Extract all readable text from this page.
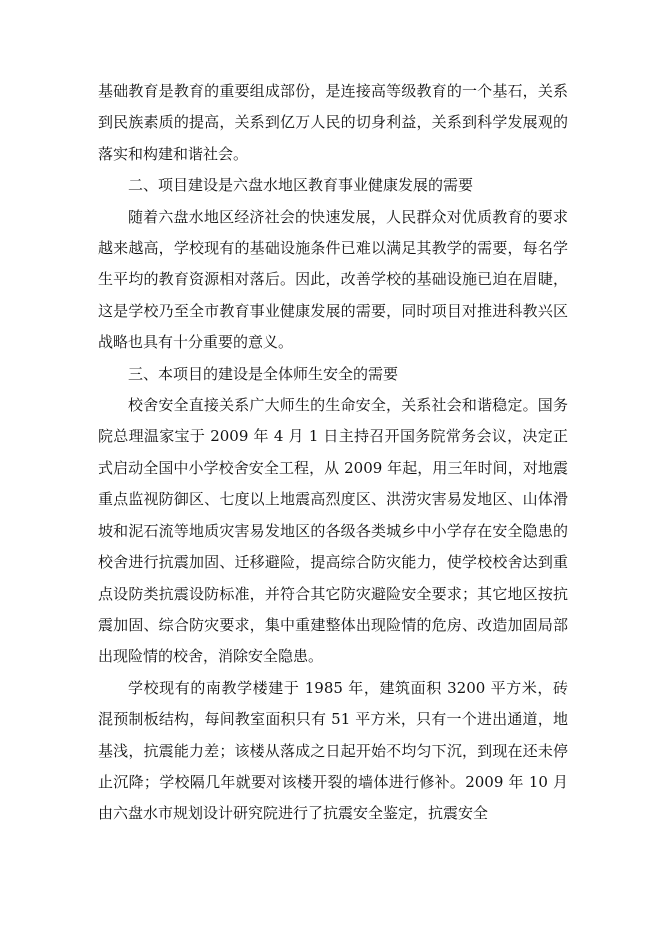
基础教育是教育的重要组成部份，是连接高等级教育的一个基石，关系到民族素质的提高，关系到亿万人民的切身利益，关系到科学发展观的落实和构建和谐社会。

二、项目建设是六盘水地区教育事业健康发展的需要

随着六盘水地区经济社会的快速发展，人民群众对优质教育的要求越来越高，学校现有的基础设施条件已难以满足其教学的需要，每名学生平均的教育资源相对落后。因此，改善学校的基础设施已迫在眉睫，这是学校乃至全市教育事业健康发展的需要，同时项目对推进科教兴区战略也具有十分重要的意义。

三、本项目的建设是全体师生安全的需要

校舍安全直接关系广大师生的生命安全，关系社会和谐稳定。国务院总理温家宝于 2009 年 4 月 1 日主持召开国务院常务会议，决定正式启动全国中小学校舍安全工程，从 2009 年起，用三年时间，对地震重点监视防御区、七度以上地震高烈度区、洪涝灾害易发地区、山体滑坡和泥石流等地质灾害易发地区的各级各类城乡中小学存在安全隐患的校舍进行抗震加固、迁移避险，提高综合防灾能力，使学校校舍达到重点设防类抗震设防标准，并符合其它防灾避险安全要求；其它地区按抗震加固、综合防灾要求，集中重建整体出现险情的危房、改造加固局部出现险情的校舍，消除安全隐患。

学校现有的南教学楼建于 1985 年，建筑面积 3200 平方米，砖混预制板结构，每间教室面积只有 51 平方米，只有一个进出通道，地基浅，抗震能力差；该楼从落成之日起开始不均匀下沉，到现在还未停止沉降；学校隔几年就要对该楼开裂的墙体进行修补。2009 年 10 月由六盘水市规划设计研究院进行了抗震安全鉴定，抗震安全
